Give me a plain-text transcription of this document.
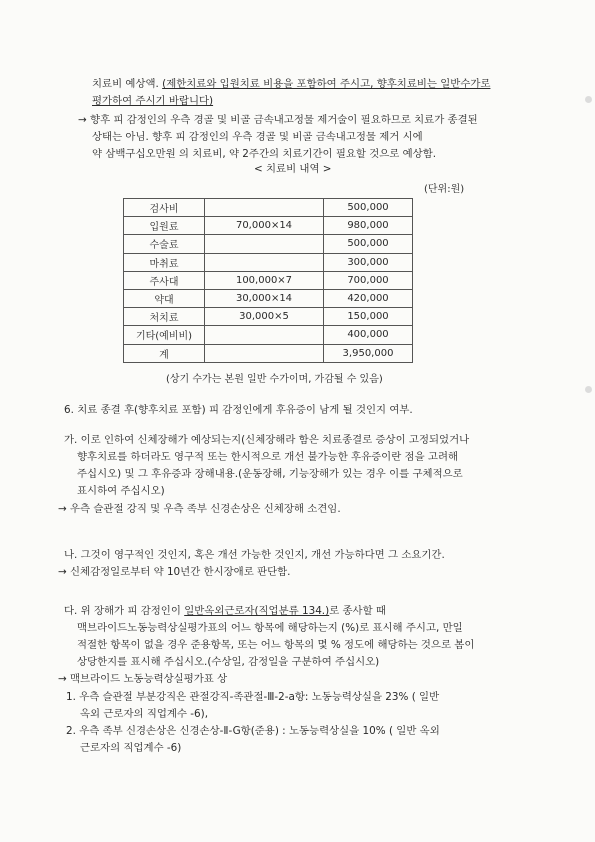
치료비 예상액. (제한치료와 입원치료 비용을 포함하여 주시고, 향후치료비는 일반수가로
평가하여 주시기 바랍니다)
→ 향후 피 감정인의 우측 경골 및 비골 금속내고정물 제거술이 필요하므로 치료가 종결된
상태는 아님. 향후 피 감정인의 우측 경골 및 비골 금속내고정물 제거 시에
약 삼백구십오만원 의 치료비, 약 2주간의 치료기간이 필요할 것으로 예상함.
< 치료비 내역 >
(단위:원)
검사비		500,000
입원료	70,000×14	980,000
수술료		500,000
마취료		300,000
주사대	100,000×7	700,000
약대	30,000×14	420,000
처치료	30,000×5	150,000
기타(예비비)		400,000
계		3,950,000
(상기 수가는 본원 일반 수가이며, 가감될 수 있음)
6. 치료 종결 후(향후치료 포함) 피 감정인에게 후유증이 남게 될 것인지 여부.
가. 이로 인하여 신체장해가 예상되는지(신체장해라 함은 치료종결로 증상이 고정되었거나
향후치료를 하더라도 영구적 또는 한시적으로 개선 불가능한 후유증이란 점을 고려해
주십시오) 및 그 후유증과 장해내용.(운동장해, 기능장해가 있는 경우 이를 구체적으로
표시하여 주십시오)
→ 우측 슬관절 강직 및 우측 족부 신경손상은 신체장해 소견임.
나. 그것이 영구적인 것인지, 혹은 개선 가능한 것인지, 개선 가능하다면 그 소요기간.
→ 신체감정일로부터 약 10년간 한시장애로 판단함.
다. 위 장해가 피 감정인이 일반옥외근로자(직업분류 134.)로 종사할 때
맥브라이드노동능력상실평가표의 어느 항목에 해당하는지 (%)로 표시해 주시고, 만일
적절한 항목이 없을 경우 준용항목, 또는 어느 항목의 몇 % 정도에 해당하는 것으로 봄이
상당한지를 표시해 주십시오.(수상일, 감정일을 구분하여 주십시오)
→ 맥브라이드 노동능력상실평가표 상
1. 우측 슬관절 부분강직은 관절강직-족관절-Ⅲ-2-a항: 노동능력상실을 23% ( 일반
옥외 근로자의 직업계수 -6),
2. 우측 족부 신경손상은 신경손상-Ⅱ-G항(준용) : 노동능력상실을 10% ( 일반 옥외
근로자의 직업계수 -6)
